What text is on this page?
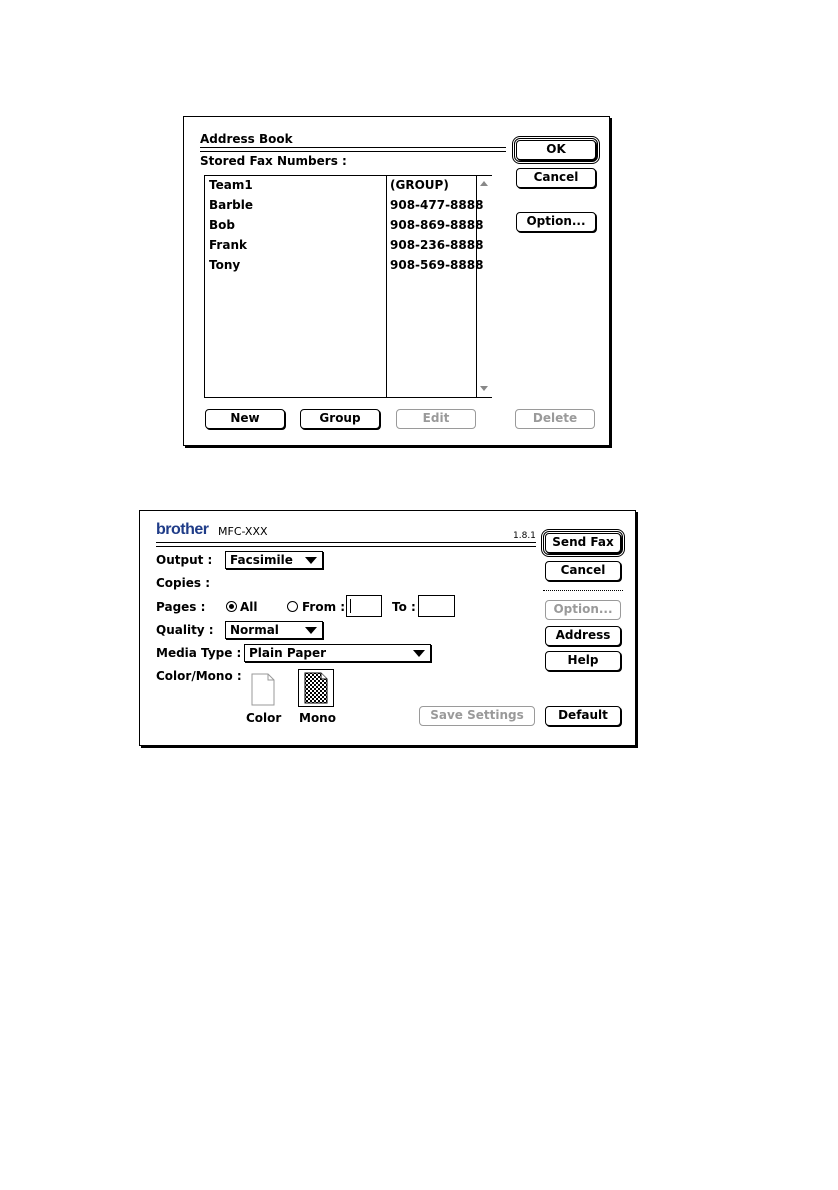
Address Book
Stored Fax Numbers :
Team1	(GROUP)
Barble	908-477-8888
Bob	908-869-8888
Frank	908-236-8888
Tony	908-569-8888
OK
Cancel
Option...
New	Group	Edit	Delete
brother MFC-XXX	1.8.1
Output :	Facsimile
Copies :
Pages :	All	From :	To :
Quality :	Normal
Media Type : Plain Paper
Color/Mono :
Color Mono
Send Fax
Cancel
Option...
Address
Help
Save Settings	Default
